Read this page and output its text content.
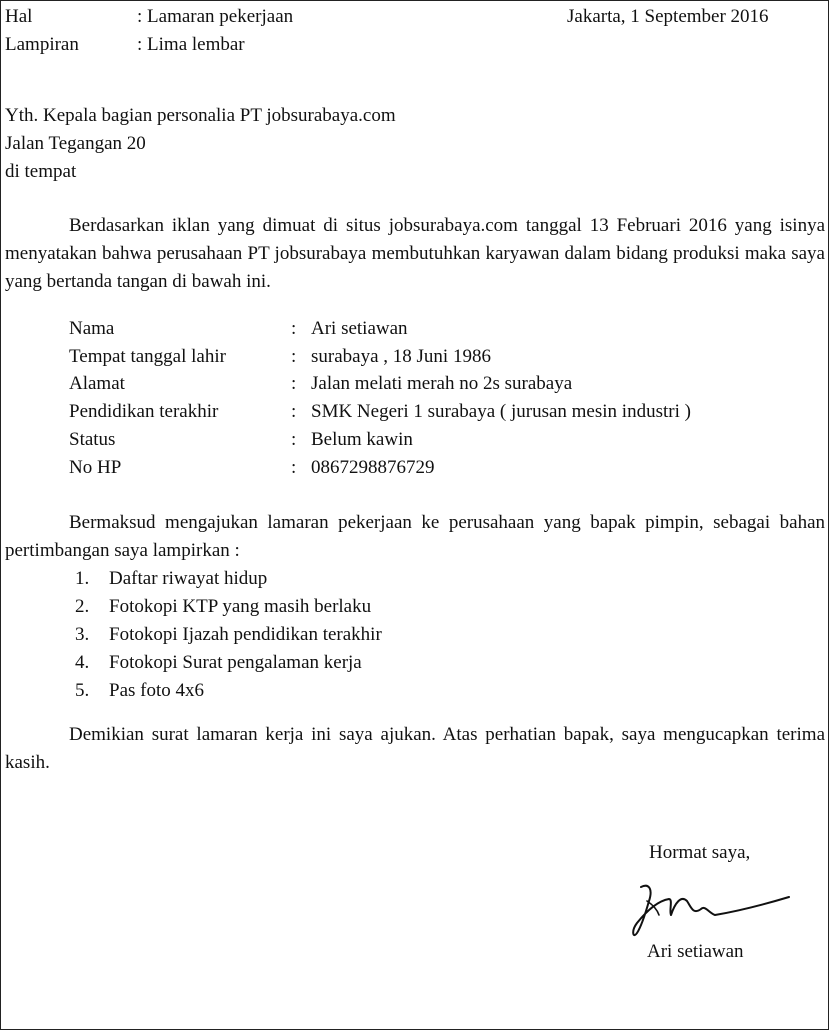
Hal	: Lamaran pekerjaan	Jakarta, 1 September 2016
Lampiran	: Lima lembar
Yth. Kepala bagian personalia PT jobsurabaya.com
Jalan Tegangan 20
di tempat
Berdasarkan iklan yang dimuat di situs jobsurabaya.com tanggal 13 Februari 2016 yang isinya menyatakan bahwa perusahaan PT jobsurabaya membutuhkan karyawan dalam bidang produksi maka saya yang bertanda tangan di bawah ini.
Nama	: Ari setiawan
Tempat tanggal lahir	: surabaya , 18 Juni 1986
Alamat	: Jalan melati merah no 2s surabaya
Pendidikan terakhir	: SMK Negeri 1 surabaya ( jurusan mesin industri )
Status	: Belum kawin
No HP	: 0867298876729
Bermaksud mengajukan lamaran pekerjaan ke perusahaan yang bapak pimpin, sebagai bahan pertimbangan saya lampirkan :
1. Daftar riwayat hidup
2. Fotokopi KTP yang masih berlaku
3. Fotokopi Ijazah pendidikan terakhir
4. Fotokopi Surat pengalaman kerja
5. Pas foto 4x6
Demikian surat lamaran kerja ini saya ajukan. Atas perhatian bapak, saya mengucapkan terima kasih.
Hormat saya,
Ari setiawan
